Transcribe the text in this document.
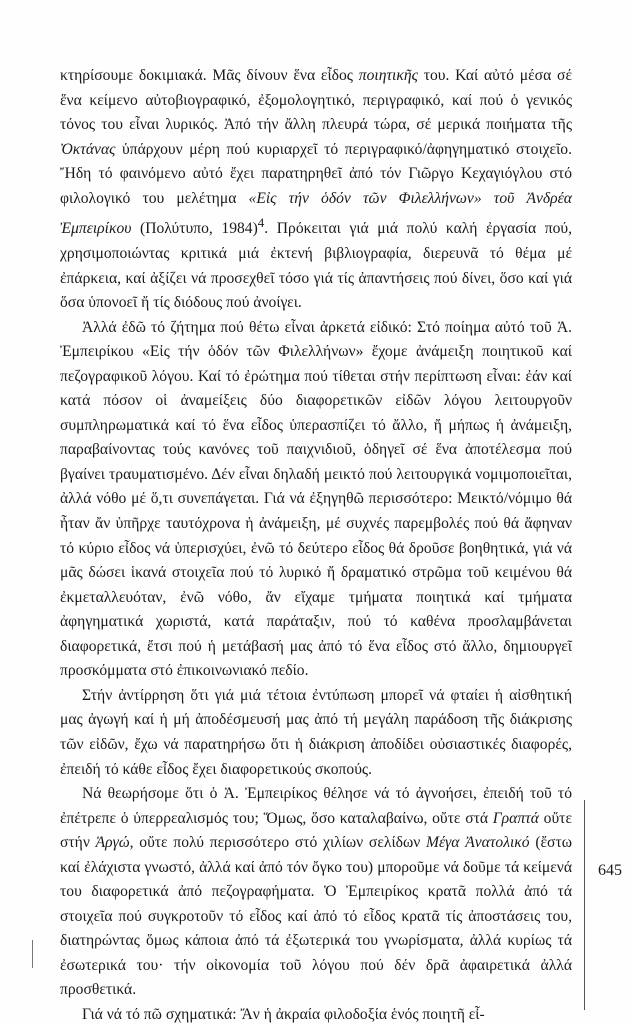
κτηρίσουμε δοκιμιακά. Μᾶς δίνουν ἕνα εἶδος ποιητικῆς του. Καί αὐτό μέσα σέ ἕνα κείμενο αὐτοβιογραφικό, ἐξομολογητικό, περιγραφικό, καί πού ὁ γενικός τόνος του εἶναι λυρικός. Ἀπό τήν ἄλλη πλευρά τώρα, σέ μερικά ποιήματα τῆς Ὀκτάνας ὑπάρχουν μέρη πού κυριαρχεῖ τό περιγραφικό/ἀφηγηματικό στοιχεῖο. Ἤδη τό φαινόμενο αὐτό ἔχει παρατηρηθεῖ ἀπό τόν Γιῶργο Κεχαγιόγλου στό φιλολογικό του μελέτημα «Εἰς τήν ὁδόν τῶν Φιλελλήνων» τοῦ Ἀνδρέα Ἐμπειρίκου (Πολύτυπο, 1984)$^4$. Πρόκειται γιά μιά πολύ καλή ἐργασία πού, χρησιμοποιώντας κριτικά μιά ἐκτενή βιβλιογραφία, διερευνᾶ τό θέμα μέ ἐπάρκεια, καί ἀξίζει νά προσεχθεῖ τόσο γιά τίς ἀπαντήσεις πού δίνει, ὅσο καί γιά ὅσα ὑπονοεῖ ἤ τίς διόδους πού ἀνοίγει.

Ἀλλά ἐδῶ τό ζήτημα πού θέτω εἶναι ἀρκετά εἰδικό: Στό ποίημα αὐτό τοῦ Ἀ. Ἐμπειρίκου «Εἰς τήν ὁδόν τῶν Φιλελλήνων» ἔχομε ἀνάμειξη ποιητικοῦ καί πεζογραφικοῦ λόγου. Καί τό ἐρώτημα πού τίθεται στήν περίπτωση εἶναι: ἐάν καί κατά πόσον οἱ ἀναμείξεις δύο διαφορετικῶν εἰδῶν λόγου λειτουργοῦν συμπληρωματικά καί τό ἕνα εἶδος ὑπερασπίζει τό ἄλλο, ἤ μήπως ἡ ἀνάμειξη, παραβαίνοντας τούς κανόνες τοῦ παιχνιδιοῦ, ὁδηγεῖ σέ ἕνα ἀποτέλεσμα πού βγαίνει τραυματισμένο. Δέν εἶναι δηλαδή μεικτό πού λειτουργικά νομιμοποιεῖται, ἀλλά νόθο μέ ὅ,τι συνεπάγεται. Γιά νά ἐξηγηθῶ περισσότερο: Μεικτό/νόμιμο θά ἦταν ἄν ὑπῆρχε ταυτόχρονα ἡ ἀνάμειξη, μέ συχνές παρεμβολές πού θά ἄφηναν τό κύριο εἶδος νά ὑπερισχύει, ἐνῶ τό δεύτερο εἶδος θά δροῦσε βοηθητικά, γιά νά μᾶς δώσει ἱκανά στοιχεῖα πού τό λυρικό ἤ δραματικό στρῶμα τοῦ κειμένου θά ἐκμεταλλευόταν, ἐνῶ νόθο, ἄν εἴχαμε τμήματα ποιητικά καί τμήματα ἀφηγηματικά χωριστά, κατά παράταξιν, πού τό καθένα προσλαμβάνεται διαφορετικά, ἔτσι πού ἡ μετάβασή μας ἀπό τό ἕνα εἶδος στό ἄλλο, δημιουργεῖ προσκόμματα στό ἐπικοινωνιακό πεδίο.

Στήν ἀντίρρηση ὅτι γιά μιά τέτοια ἐντύπωση μπορεῖ νά φταίει ἡ αἰσθητική μας ἀγωγή καί ἡ μή ἀποδέσμευσή μας ἀπό τή μεγάλη παράδοση τῆς διάκρισης τῶν εἰδῶν, ἔχω νά παρατηρήσω ὅτι ἡ διάκριση ἀποδίδει οὐσιαστικές διαφορές, ἐπειδή τό κάθε εἶδος ἔχει διαφορετικούς σκοπούς.

Νά θεωρήσομε ὅτι ὁ Ἀ. Ἐμπειρίκος θέλησε νά τό ἀγνοήσει, ἐπειδή τοῦ τό ἐπέτρεπε ὁ ὑπερρεαλισμός του; Ὅμως, ὅσο καταλαβαίνω, οὔτε στά Γραπτά οὔτε στήν Ἀργώ, οὔτε πολύ περισσότερο στό χιλίων σελίδων Μέγα Ἀνατολικό (ἔστω καί ἐλάχιστα γνωστό, ἀλλά καί ἀπό τόν ὄγκο του) μποροῦμε νά δοῦμε τά κείμενά του διαφορετικά ἀπό πεζογραφήματα. Ὁ Ἐμπειρίκος κρατᾶ πολλά ἀπό τά στοιχεῖα πού συγκροτοῦν τό εἶδος καί ἀπό τό εἶδος κρατᾶ τίς ἀποστάσεις του, διατηρώντας ὅμως κάποια ἀπό τά ἐξωτερικά του γνωρίσματα, ἀλλά κυρίως τά ἐσωτερικά του· τήν οἰκονομία τοῦ λόγου πού δέν δρᾶ ἀφαιρετικά ἀλλά προσθετικά.

Γιά νά τό πῶ σχηματικά: Ἄν ἡ ἀκραία φιλοδοξία ἑνός ποιητῆ εἶ-

645
